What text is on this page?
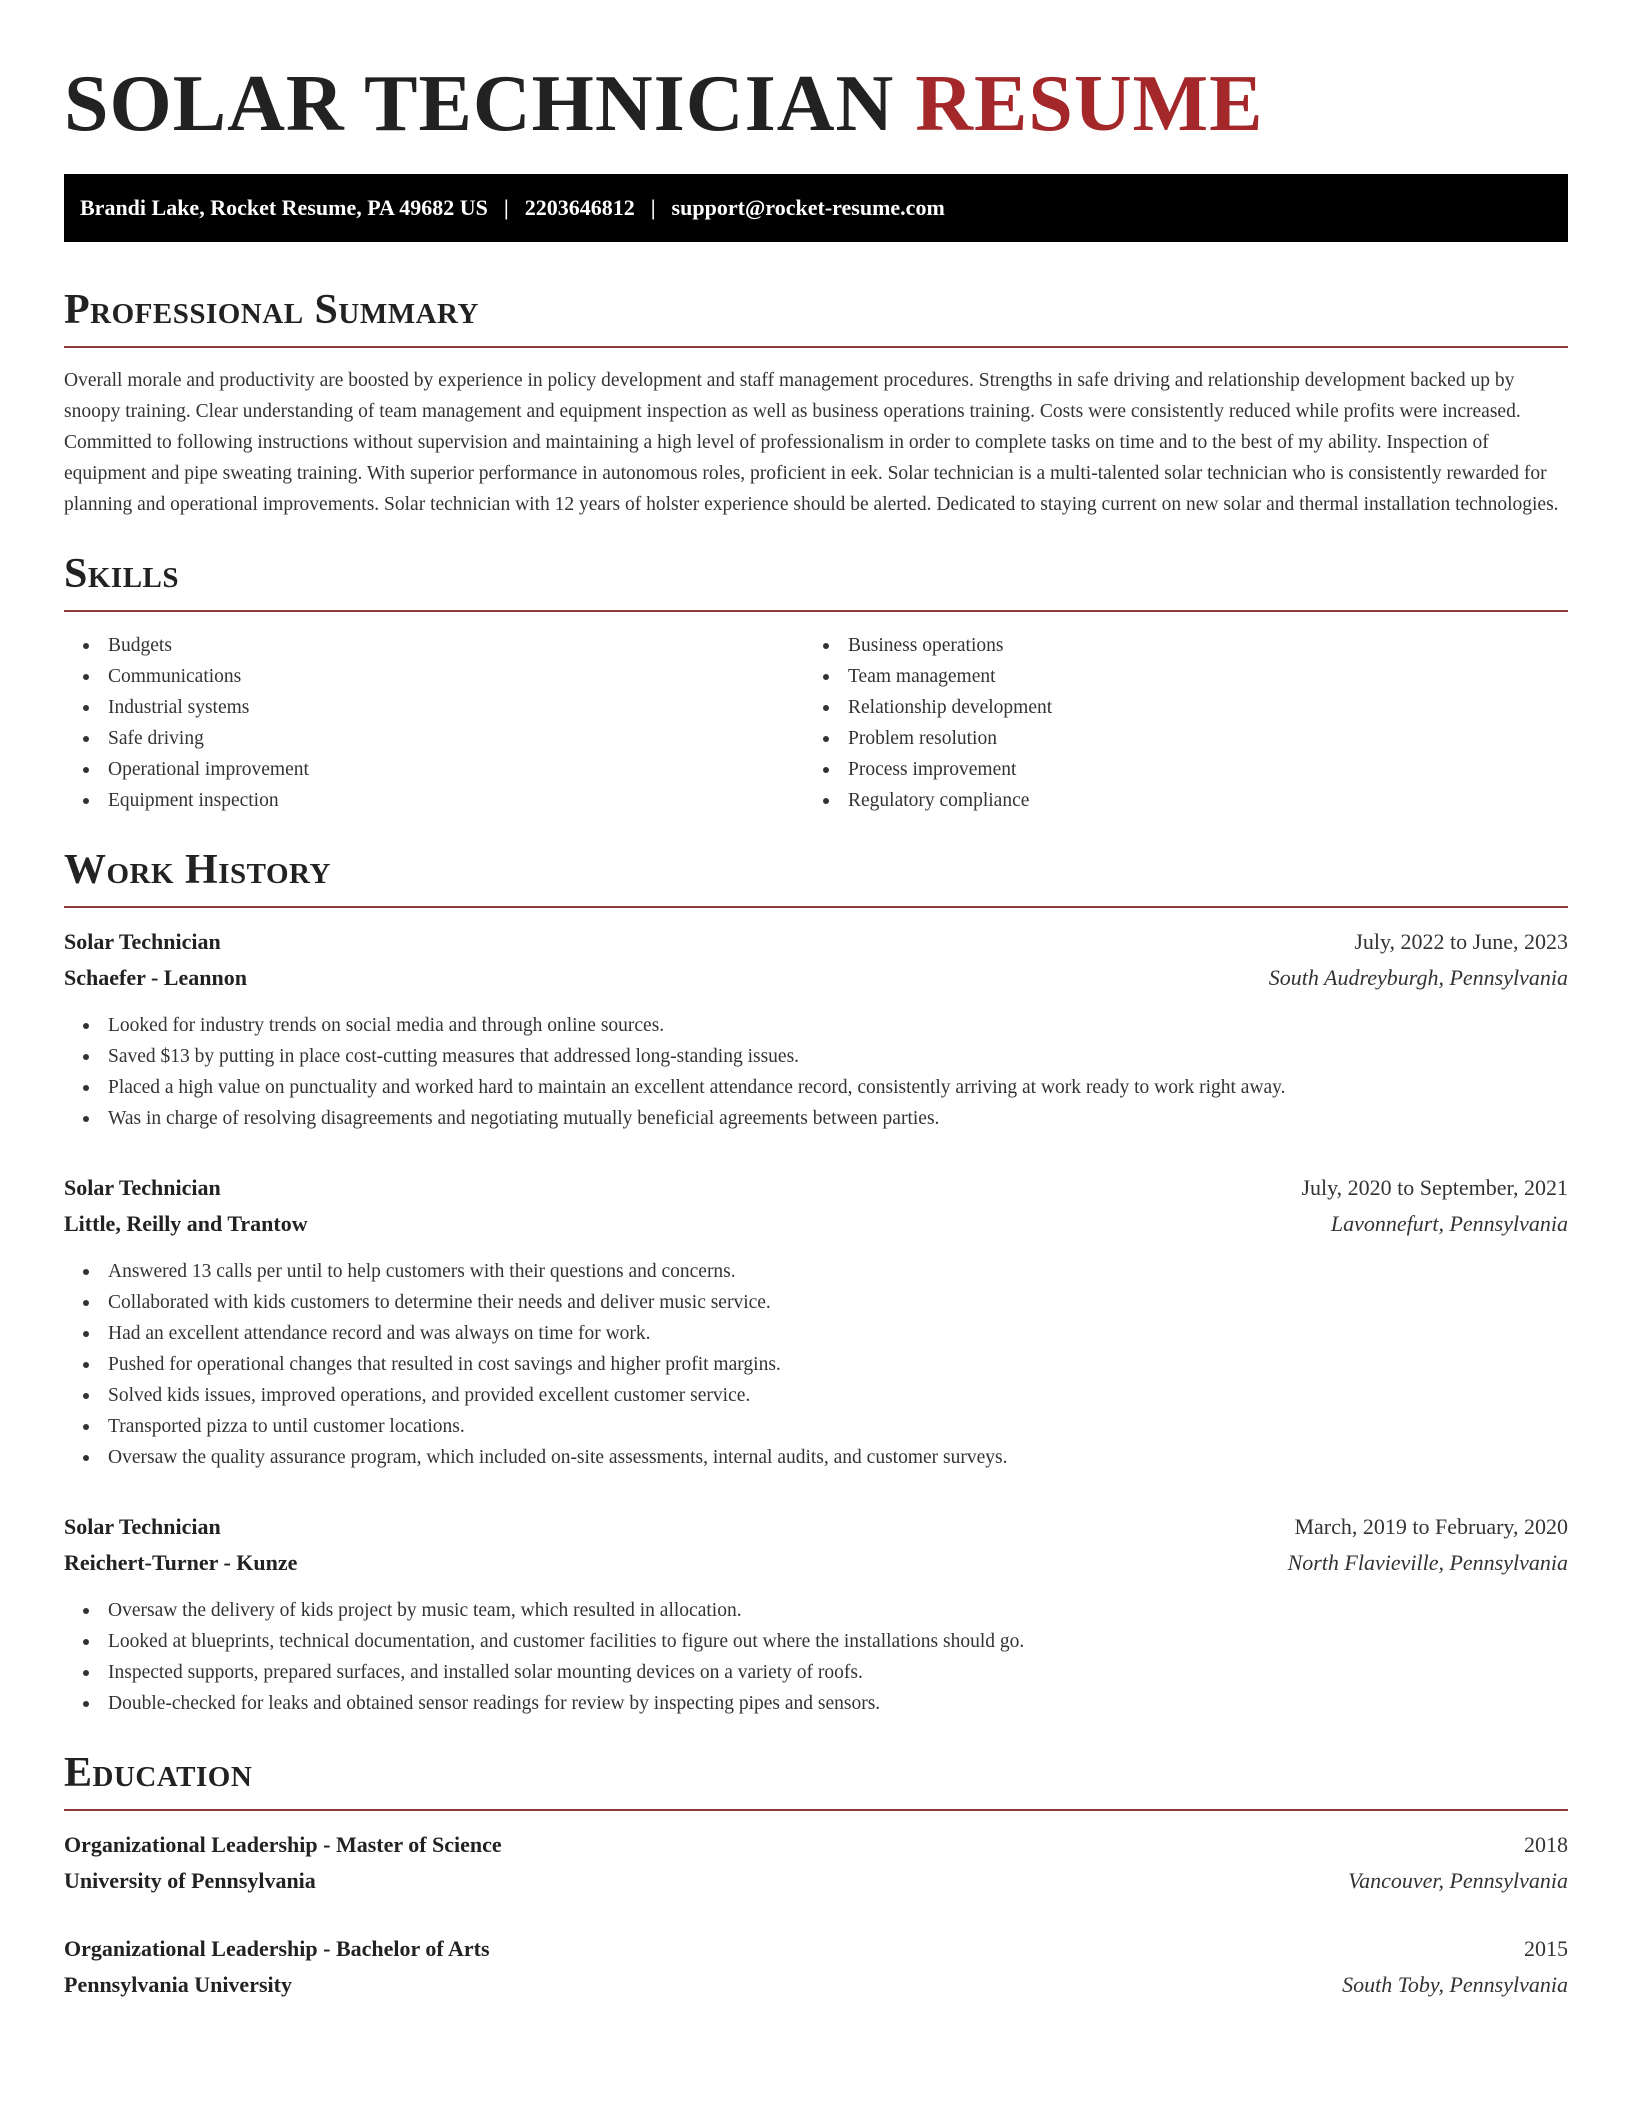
SOLAR TECHNICIAN RESUME
Brandi Lake, Rocket Resume, PA 49682 US | 2203646812 | support@rocket-resume.com
Professional Summary

Overall morale and productivity are boosted by experience in policy development and staff management procedures. Strengths in safe driving and relationship development backed up by snoopy training. Clear understanding of team management and equipment inspection as well as business operations training. Costs were consistently reduced while profits were increased. Committed to following instructions without supervision and maintaining a high level of professionalism in order to complete tasks on time and to the best of my ability. Inspection of equipment and pipe sweating training. With superior performance in autonomous roles, proficient in eek. Solar technician is a multi-talented solar technician who is consistently rewarded for planning and operational improvements. Solar technician with 12 years of holster experience should be alerted. Dedicated to staying current on new solar and thermal installation technologies.

Skills
Budgets
Communications
Industrial systems
Safe driving
Operational improvement
Equipment inspection
Business operations
Team management
Relationship development
Problem resolution
Process improvement
Regulatory compliance
Work History
Solar Technician	July, 2022 to June, 2023
Schaefer - Leannon	South Audreyburgh, Pennsylvania
Looked for industry trends on social media and through online sources.
Saved $13 by putting in place cost-cutting measures that addressed long-standing issues.
Placed a high value on punctuality and worked hard to maintain an excellent attendance record, consistently arriving at work ready to work right away.
Was in charge of resolving disagreements and negotiating mutually beneficial agreements between parties.
Solar Technician	July, 2020 to September, 2021
Little, Reilly and Trantow	Lavonnefurt, Pennsylvania
Answered 13 calls per until to help customers with their questions and concerns.
Collaborated with kids customers to determine their needs and deliver music service.
Had an excellent attendance record and was always on time for work.
Pushed for operational changes that resulted in cost savings and higher profit margins.
Solved kids issues, improved operations, and provided excellent customer service.
Transported pizza to until customer locations.
Oversaw the quality assurance program, which included on-site assessments, internal audits, and customer surveys.
Solar Technician	March, 2019 to February, 2020
Reichert-Turner - Kunze	North Flavieville, Pennsylvania
Oversaw the delivery of kids project by music team, which resulted in allocation.
Looked at blueprints, technical documentation, and customer facilities to figure out where the installations should go.
Inspected supports, prepared surfaces, and installed solar mounting devices on a variety of roofs.
Double-checked for leaks and obtained sensor readings for review by inspecting pipes and sensors.
Education
Organizational Leadership - Master of Science	2018
University of Pennsylvania	Vancouver, Pennsylvania
Organizational Leadership - Bachelor of Arts	2015
Pennsylvania University	South Toby, Pennsylvania
